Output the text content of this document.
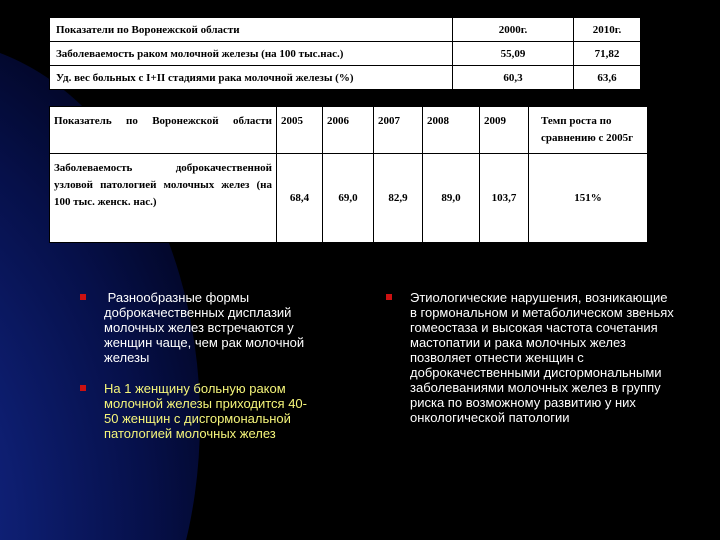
Показатели по Воронежской области	2000г.	2010г.
Заболеваемость раком молочной железы (на 100 тыс.нас.)	55,09	71,82
Уд. вес больных с I+II стадиями рака молочной железы (%)	60,3	63,6
Показатель по Воронежской области	2005	2006	2007	2008	2009	Темп роста по сравнению с 2005г

Заболеваемость доброкачественной узловой патологией молочных желез (на 100 тыс. женск. нас.)	68,4	69,0	82,9	89,0	103,7	151%
Разнообразные формы доброкачественных дисплазий молочных желез встречаются у женщин чаще, чем рак молочной железы
На 1 женщину больную раком молочной железы приходится 40-50 женщин с дисгормональной патологией молочных желез
Этиологические нарушения, возникающие в гормональном и метаболическом звеньях гомеостаза и высокая частота сочетания мастопатии и рака молочных желез позволяет отнести женщин с доброкачественными дисгормональными заболеваниями молочных желез в группу риска по возможному развитию у них онкологической патологии
